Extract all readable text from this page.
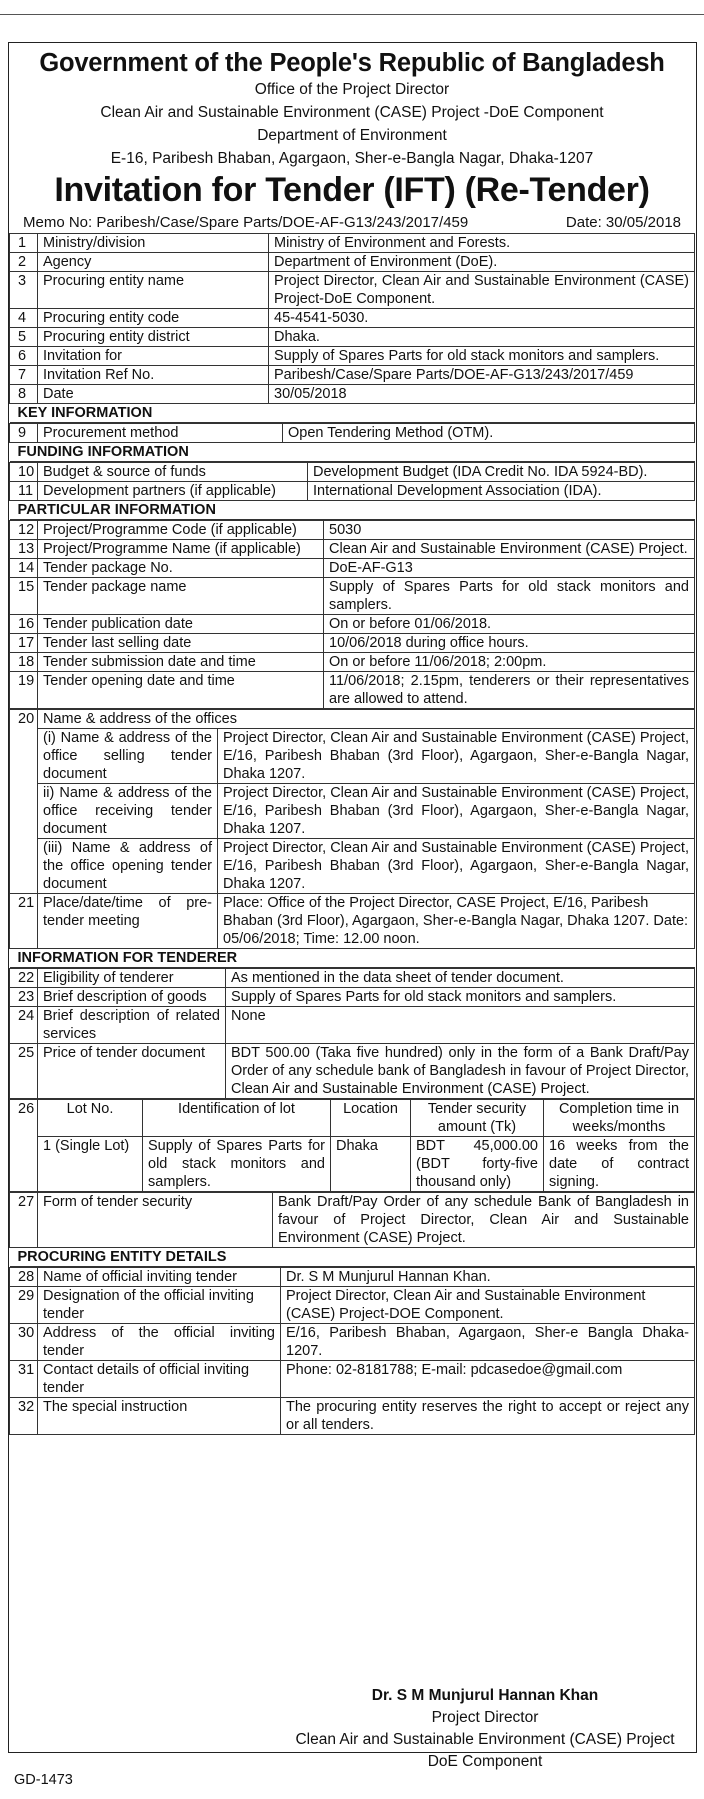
Government of the People's Republic of Bangladesh
Office of the Project Director
Clean Air and Sustainable Environment (CASE) Project -DoE Component
Department of Environment
E-16, Paribesh Bhaban, Agargaon, Sher-e-Bangla Nagar, Dhaka-1207
Invitation for Tender (IFT) (Re-Tender)
Memo No: Paribesh/Case/Spare Parts/DOE-AF-G13/243/2017/459	Date: 30/05/2018
1	Ministry/division	Ministry of Environment and Forests.
2	Agency	Department of Environment (DoE).
3	Procuring entity name	Project Director, Clean Air and Sustainable Environment (CASE) Project-DoE Component.
4	Procuring entity code	45-4541-5030.
5	Procuring entity district	Dhaka.
6	Invitation for	Supply of Spares Parts for old stack monitors and samplers.
7	Invitation Ref No.	Paribesh/Case/Spare Parts/DOE-AF-G13/243/2017/459
8	Date	30/05/2018
KEY INFORMATION		
9	Procurement method	Open Tendering Method (OTM).
FUNDING INFORMATION
10	Budget & source of funds	Development Budget (IDA Credit No. IDA 5924-BD).
11	Development partners (if applicable)	International Development Association (IDA).
PARTICULAR INFORMATION		
12	Project/Programme Code (if applicable)	5030
13	Project/Programme Name (if applicable)	Clean Air and Sustainable Environment (CASE) Project.
14	Tender package No.	DoE-AF-G13
15	Tender package name	Supply of Spares Parts for old stack monitors and samplers.
16	Tender publication date	On or before 01/06/2018.
17	Tender last selling date	10/06/2018 during office hours.
18	Tender submission date and time	On or before 11/06/2018; 2:00pm.
19	Tender opening date and time	11/06/2018; 2.15pm, tenderers or their representatives are allowed to attend.
20	Name & address of the offices	
	(i) Name & address of the office selling tender document	Project Director, Clean Air and Sustainable Environment (CASE) Project, E/16, Paribesh Bhaban (3rd Floor), Agargaon, Sher-e-Bangla Nagar, Dhaka 1207.
	ii) Name & address of the office receiving tender document	Project Director, Clean Air and Sustainable Environment (CASE) Project, E/16, Paribesh Bhaban (3rd Floor), Agargaon, Sher-e-Bangla Nagar, Dhaka 1207.
	(iii) Name & address of the office opening tender document	Project Director, Clean Air and Sustainable Environment (CASE) Project, E/16, Paribesh Bhaban (3rd Floor), Agargaon, Sher-e-Bangla Nagar, Dhaka 1207.
21	Place/date/time of pre-tender meeting	Place: Office of the Project Director, CASE Project, E/16, Paribesh Bhaban (3rd Floor), Agargaon, Sher-e-Bangla Nagar, Dhaka 1207. Date: 05/06/2018; Time: 12.00 noon.
INFORMATION FOR TENDERER		
22	Eligibility of tenderer	As mentioned in the data sheet of tender document.
23	Brief description of goods	Supply of Spares Parts for old stack monitors and samplers.
24	Brief description of related services	None
25	Price of tender document	BDT 500.00 (Taka five hundred) only in the form of a Bank Draft/Pay Order of any schedule bank of Bangladesh in favour of Project Director, Clean Air and Sustainable Environment (CASE) Project.
26	Lot No.	Identification of lot	Location	Tender security amount (Tk)	Completion time in weeks/months
	1 (Single Lot)	Supply of Spares Parts for old stack monitors and samplers.	Dhaka	BDT 45,000.00 (BDT forty-five thousand only)	16 weeks from the date of contract signing.
27	Form of tender security	Bank Draft/Pay Order of any schedule Bank of Bangladesh in favour of Project Director, Clean Air and Sustainable Environment (CASE) Project.
PROCURING ENTITY DETAILS
28	Name of official inviting tender	Dr. S M Munjurul Hannan Khan.
29	Designation of the official inviting tender	Project Director, Clean Air and Sustainable Environment (CASE) Project-DOE Component.
30	Address of the official inviting tender	E/16, Paribesh Bhaban, Agargaon, Sher-e Bangla Dhaka-1207.
31	Contact details of official inviting tender	Phone: 02-8181788; E-mail: pdcasedoe@gmail.com
32	The special instruction	The procuring entity reserves the right to accept or reject any or all tenders.
Dr. S M Munjurul Hannan Khan
Project Director
Clean Air and Sustainable Environment (CASE) Project
DoE Component
GD-1473
